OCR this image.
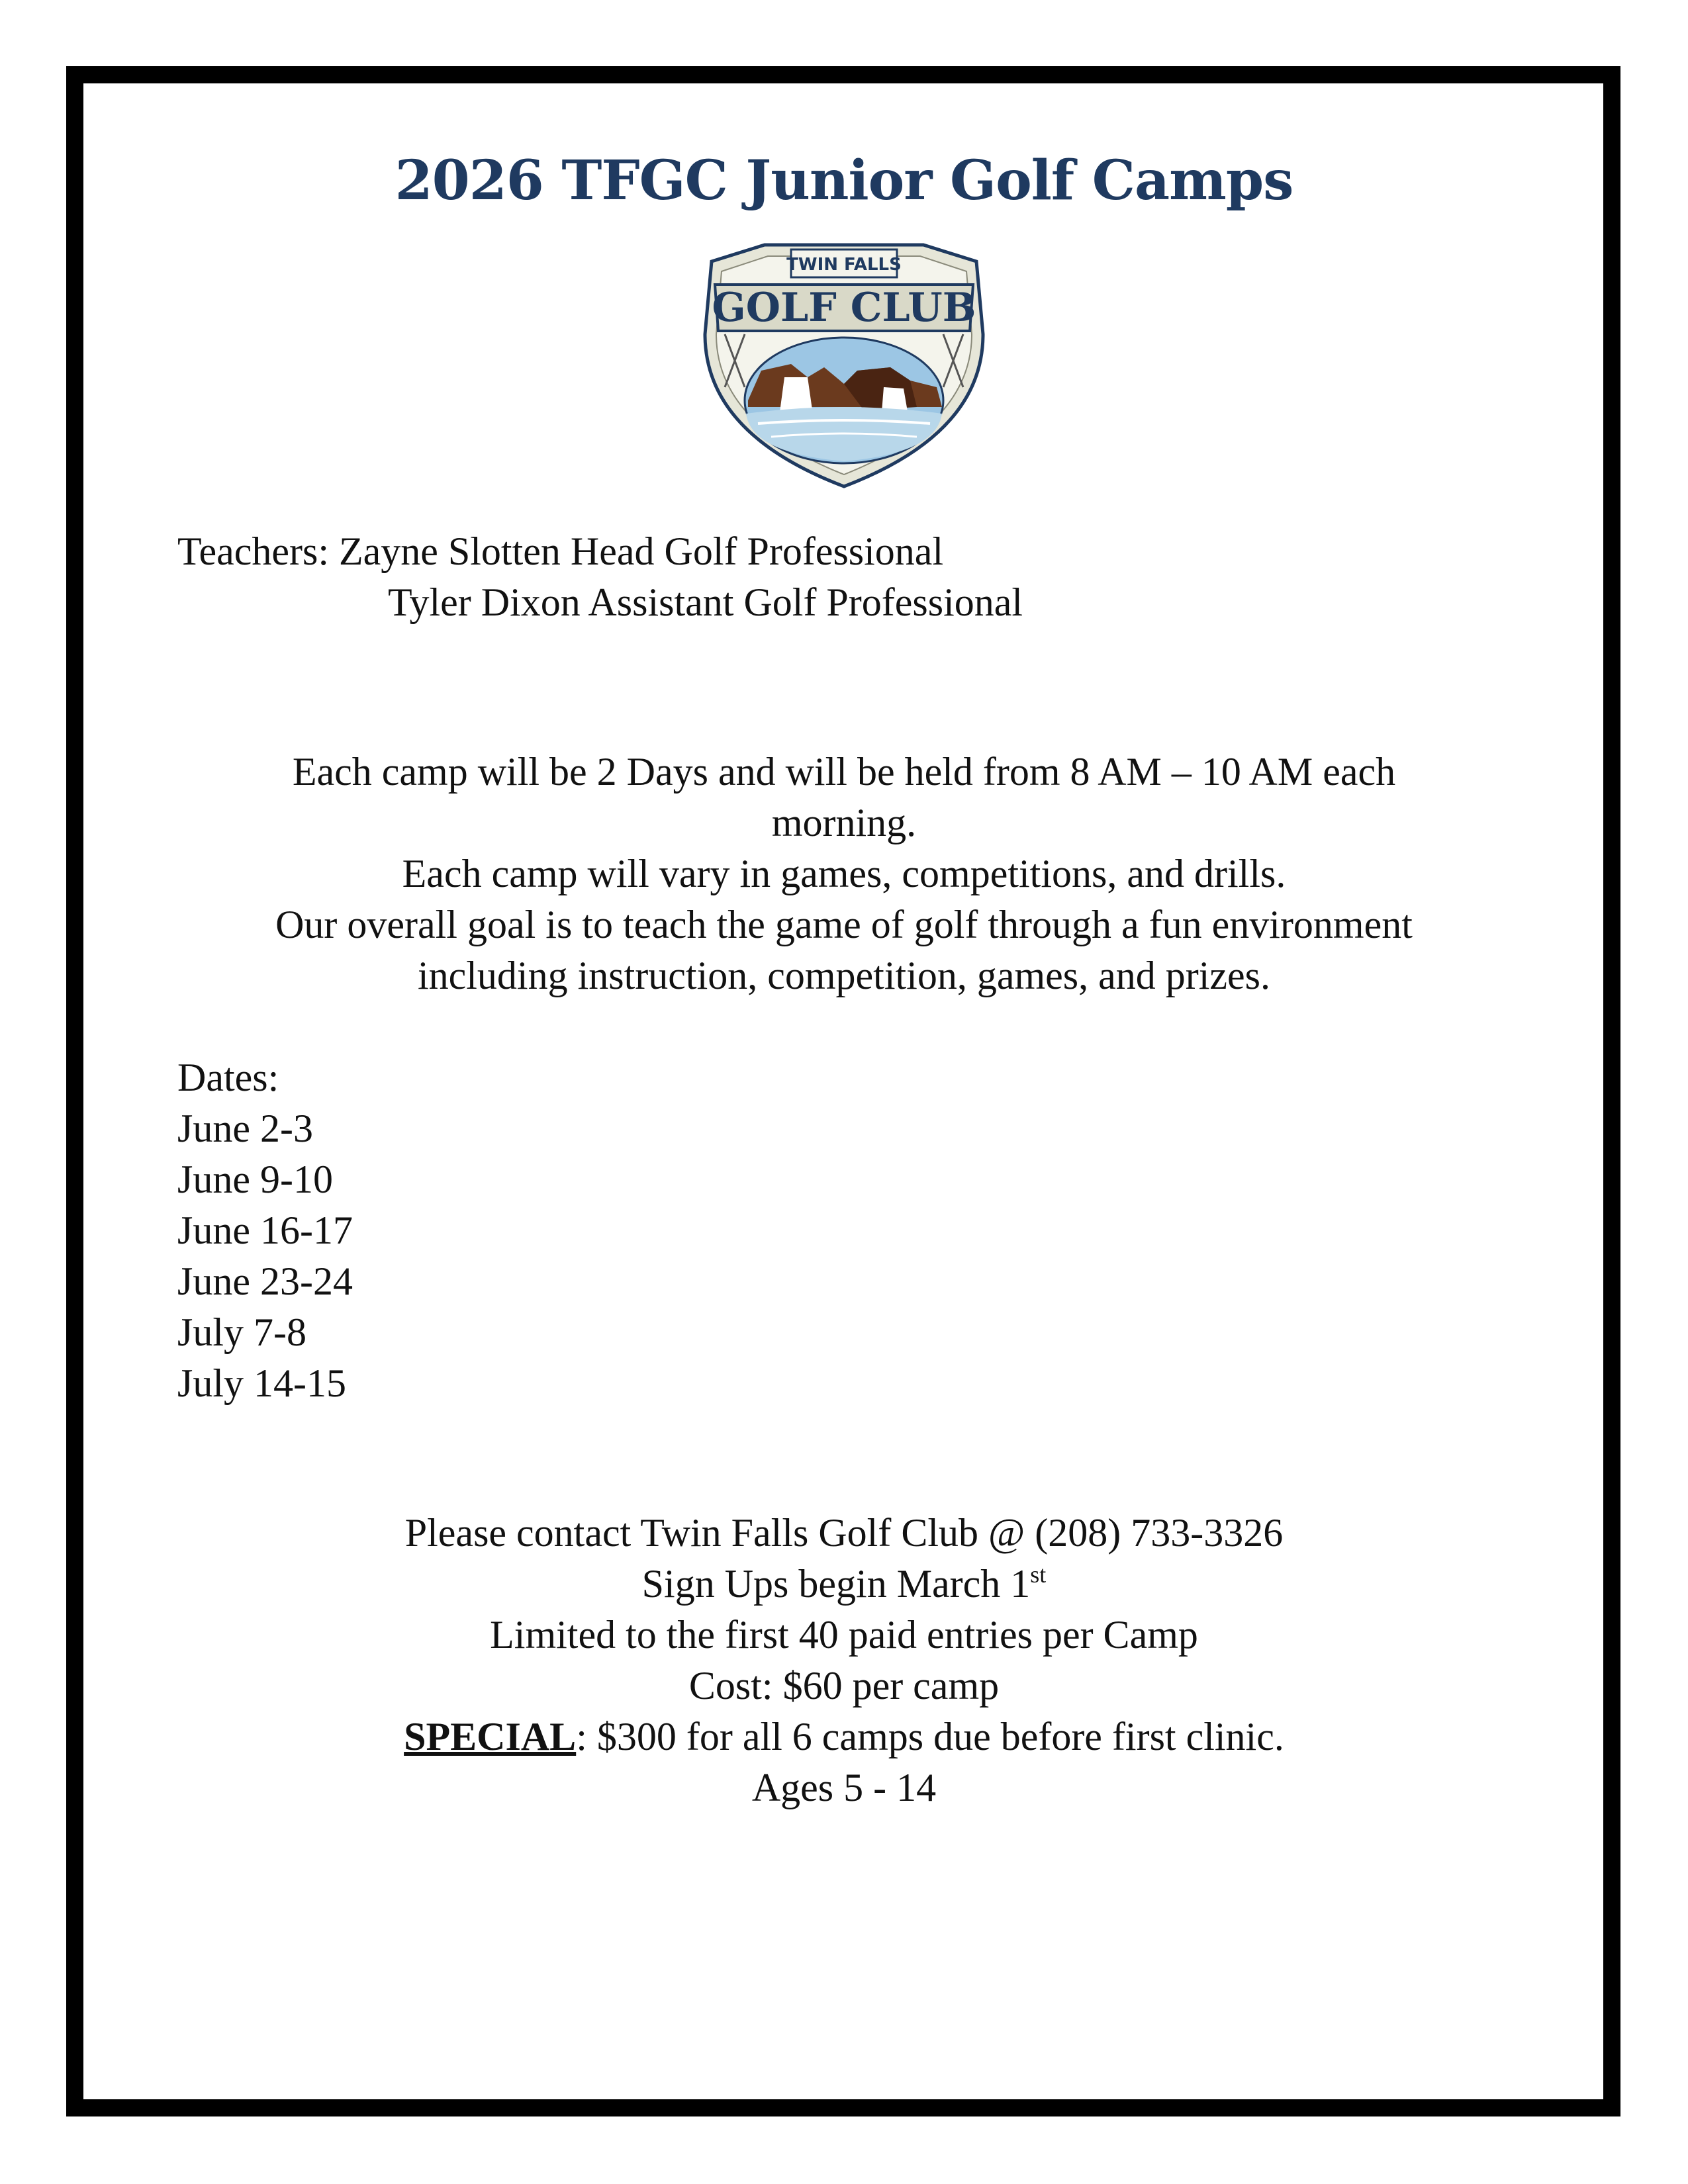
2026 TFGC Junior Golf Camps
TWIN FALLS
GOLF CLUB
Teachers: Zayne Slotten Head Golf Professional
Tyler Dixon Assistant Golf Professional
Each camp will be 2 Days and will be held from 8 AM – 10 AM each
morning.
Each camp will vary in games, competitions, and drills.
Our overall goal is to teach the game of golf through a fun environment
including instruction, competition, games, and prizes.
Dates:
June 2-3
June 9-10
June 16-17
June 23-24
July 7-8
July 14-15
Please contact Twin Falls Golf Club @ (208) 733-3326
Sign Ups begin March 1st
Limited to the first 40 paid entries per Camp
Cost: $60 per camp
SPECIAL: $300 for all 6 camps due before first clinic.
Ages 5 - 14
